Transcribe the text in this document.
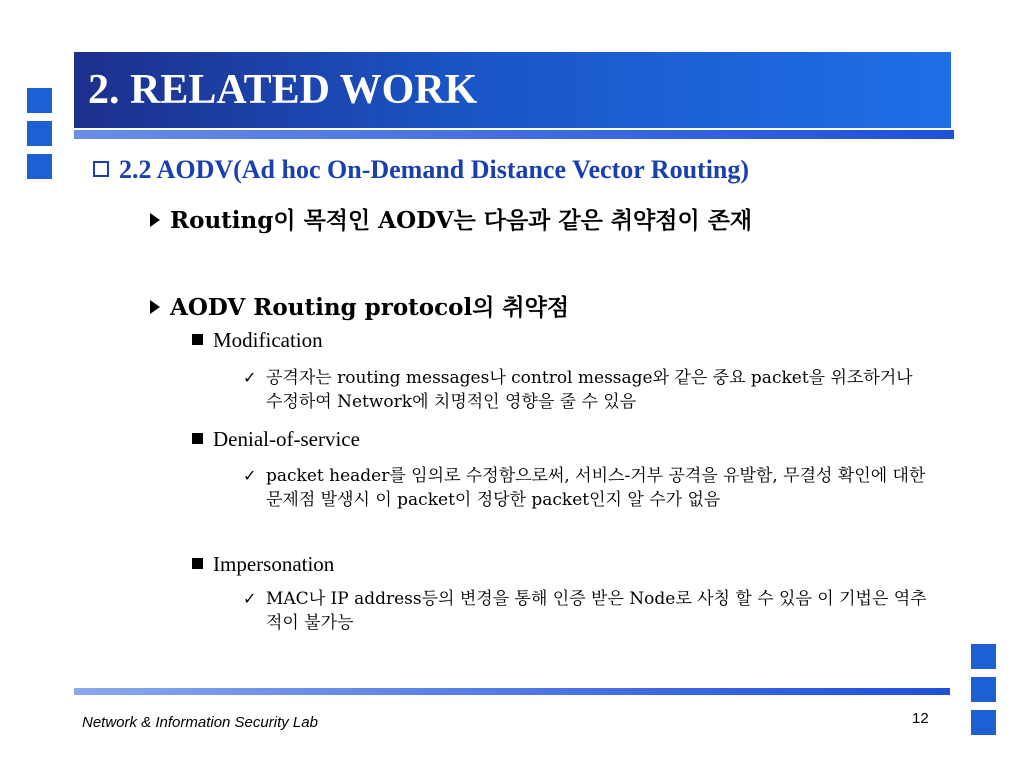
2. RELATED WORK
2.2 AODV(Ad hoc On-Demand Distance Vector Routing)
Routing이 목적인 AODV는 다음과 같은 취약점이 존재
AODV Routing protocol의 취약점
Modification
✓ 공격자는 routing messages나 control message와 같은 중요 packet을 위조하거나 수정하여 Network에 치명적인 영향을 줄 수 있음
Denial-of-service
✓ packet header를 임의로 수정함으로써, 서비스-거부 공격을 유발함, 무결성 확인에 대한 문제점 발생시 이 packet이 정당한 packet인지 알 수가 없음
Impersonation
✓ MAC나 IP address등의 변경을 통해 인증 받은 Node로 사칭 할 수 있음 이 기법은 역추적이 불가능
Network & Information Security Lab	12
